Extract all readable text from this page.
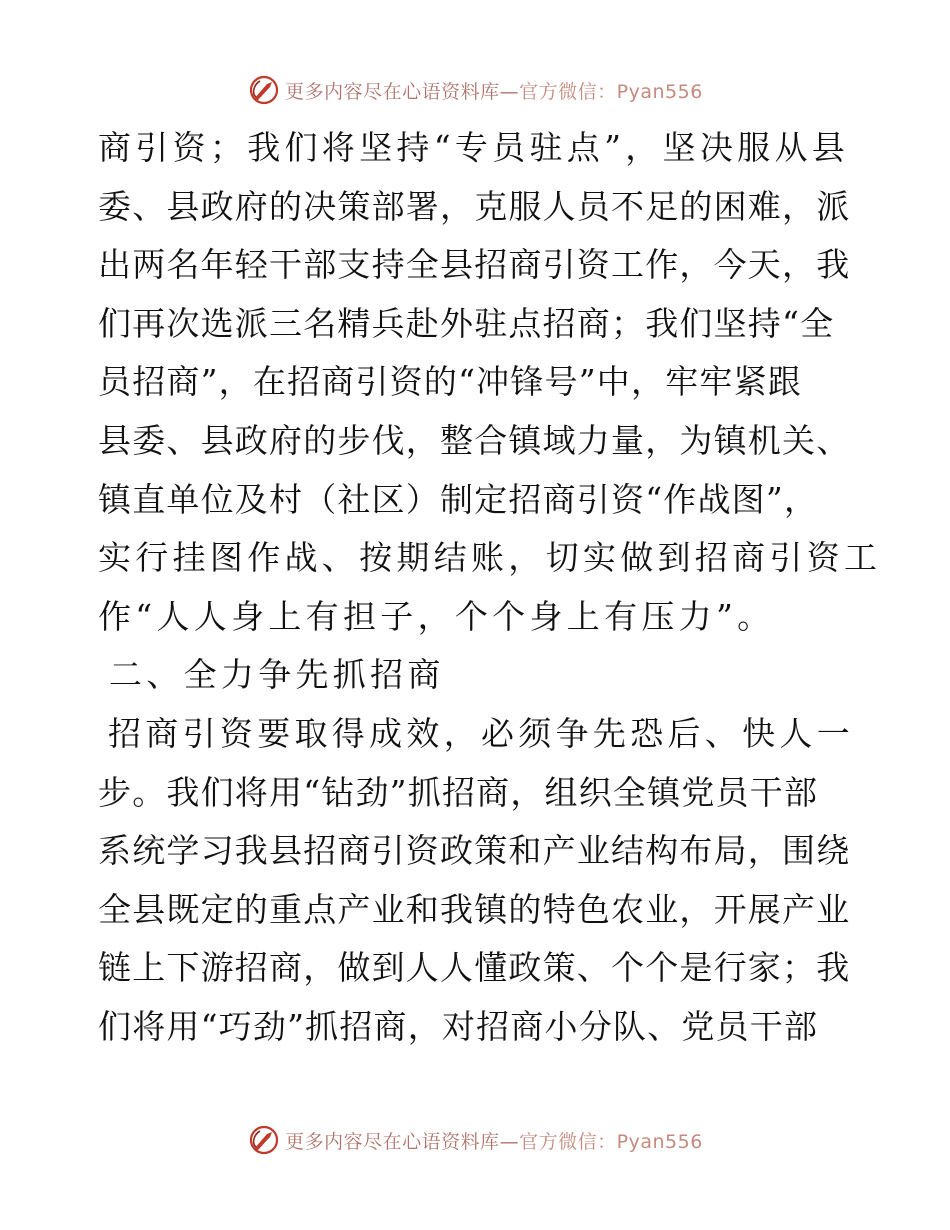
更多内容尽在心语资料库—官方微信：Pyan556
商引资；我们将坚持“专员驻点”，坚决服从县
委、县政府的决策部署，克服人员不足的困难，派
出两名年轻干部支持全县招商引资工作，今天，我
们再次选派三名精兵赴外驻点招商；我们坚持“全
员招商”，在招商引资的“冲锋号”中，牢牢紧跟
县委、县政府的步伐，整合镇域力量，为镇机关、
镇直单位及村（社区）制定招商引资“作战图”，
实行挂图作战、按期结账，切实做到招商引资工
作“人人身上有担子，个个身上有压力”。
二、全力争先抓招商
招商引资要取得成效，必须争先恐后、快人一
步。我们将用“钻劲”抓招商，组织全镇党员干部
系统学习我县招商引资政策和产业结构布局，围绕
全县既定的重点产业和我镇的特色农业，开展产业
链上下游招商，做到人人懂政策、个个是行家；我
们将用“巧劲”抓招商，对招商小分队、党员干部
更多内容尽在心语资料库—官方微信：Pyan556
